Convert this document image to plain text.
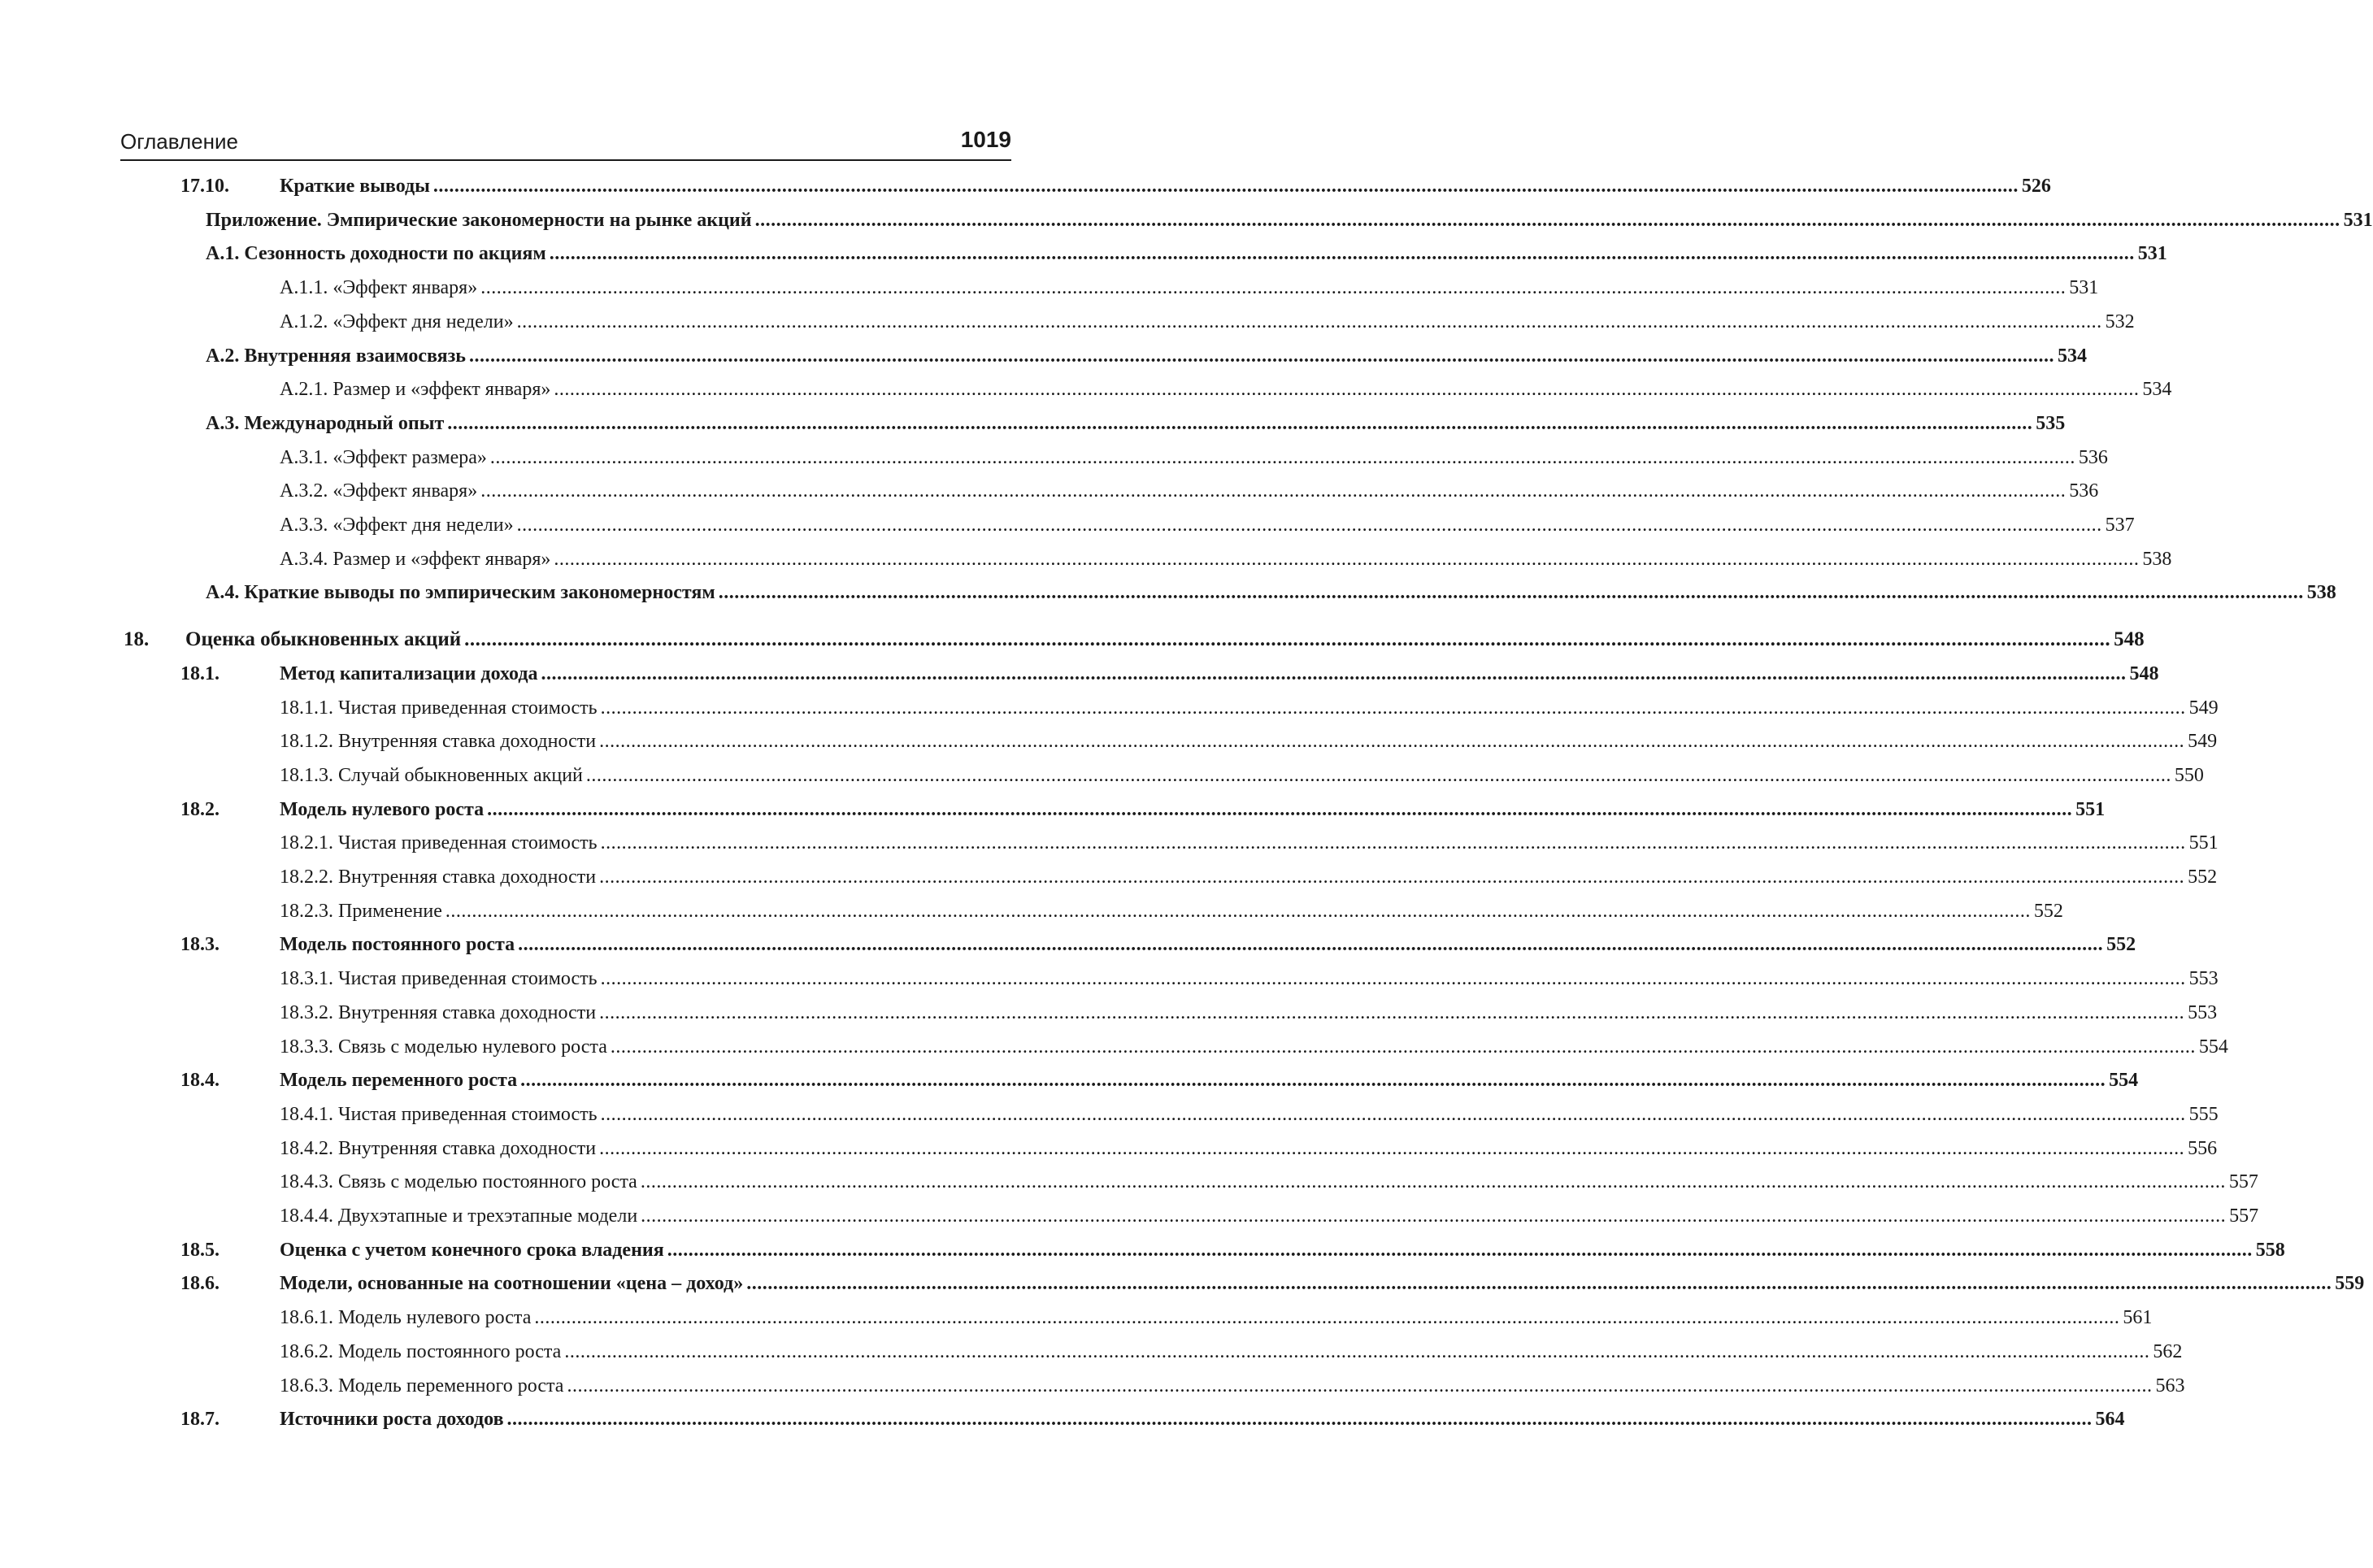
Оглавление	1019
17.10.	Краткие выводы ............................................................................................................................................................................................................................................................................................................ 526
Приложение. Эмпирические закономерности на рынке акций ............................................................................................................................................................................................................................................................................................................ 531
А.1. Сезонность доходности по акциям ............................................................................................................................................................................................................................................................................................................ 531
А.1.1. «Эффект января» ............................................................................................................................................................................................................................................................................................................ 531
А.1.2. «Эффект дня недели» ............................................................................................................................................................................................................................................................................................................ 532
А.2. Внутренняя взаимосвязь ............................................................................................................................................................................................................................................................................................................ 534
А.2.1. Размер и «эффект января» ............................................................................................................................................................................................................................................................................................................ 534
А.3. Международный опыт ............................................................................................................................................................................................................................................................................................................ 535
А.3.1. «Эффект размера» ............................................................................................................................................................................................................................................................................................................ 536
А.3.2. «Эффект января» ............................................................................................................................................................................................................................................................................................................ 536
А.3.3. «Эффект дня недели» ............................................................................................................................................................................................................................................................................................................ 537
А.3.4. Размер и «эффект января» ............................................................................................................................................................................................................................................................................................................ 538
А.4. Краткие выводы по эмпирическим закономерностям ............................................................................................................................................................................................................................................................................................................ 538
18. Оценка обыкновенных акций ............................................................................................................................................................................................................................................................................................................ 548
18.1.	Метод капитализации дохода ............................................................................................................................................................................................................................................................................................................ 548
18.1.1. Чистая приведенная стоимость ............................................................................................................................................................................................................................................................................................................ 549
18.1.2. Внутренняя ставка доходности ............................................................................................................................................................................................................................................................................................................ 549
18.1.3. Случай обыкновенных акций ............................................................................................................................................................................................................................................................................................................ 550
18.2.	Модель нулевого роста ............................................................................................................................................................................................................................................................................................................ 551
18.2.1. Чистая приведенная стоимость ............................................................................................................................................................................................................................................................................................................ 551
18.2.2. Внутренняя ставка доходности ............................................................................................................................................................................................................................................................................................................ 552
18.2.3. Применение ............................................................................................................................................................................................................................................................................................................ 552
18.3.	Модель постоянного роста ............................................................................................................................................................................................................................................................................................................ 552
18.3.1. Чистая приведенная стоимость ............................................................................................................................................................................................................................................................................................................ 553
18.3.2. Внутренняя ставка доходности ............................................................................................................................................................................................................................................................................................................ 553
18.3.3. Связь с моделью нулевого роста ............................................................................................................................................................................................................................................................................................................ 554
18.4.	Модель переменного роста ............................................................................................................................................................................................................................................................................................................ 554
18.4.1. Чистая приведенная стоимость ............................................................................................................................................................................................................................................................................................................ 555
18.4.2. Внутренняя ставка доходности ............................................................................................................................................................................................................................................................................................................ 556
18.4.3. Связь с моделью постоянного роста ............................................................................................................................................................................................................................................................................................................ 557
18.4.4. Двухэтапные и трехэтапные модели ............................................................................................................................................................................................................................................................................................................ 557
18.5.	Оценка с учетом конечного срока владения ............................................................................................................................................................................................................................................................................................................ 558
18.6.	Модели, основанные на соотношении «цена – доход» ............................................................................................................................................................................................................................................................................................................ 559
18.6.1. Модель нулевого роста ............................................................................................................................................................................................................................................................................................................ 561
18.6.2. Модель постоянного роста ............................................................................................................................................................................................................................................................................................................ 562
18.6.3. Модель переменного роста ............................................................................................................................................................................................................................................................................................................ 563
18.7.	Источники роста доходов ............................................................................................................................................................................................................................................................................................................ 564
